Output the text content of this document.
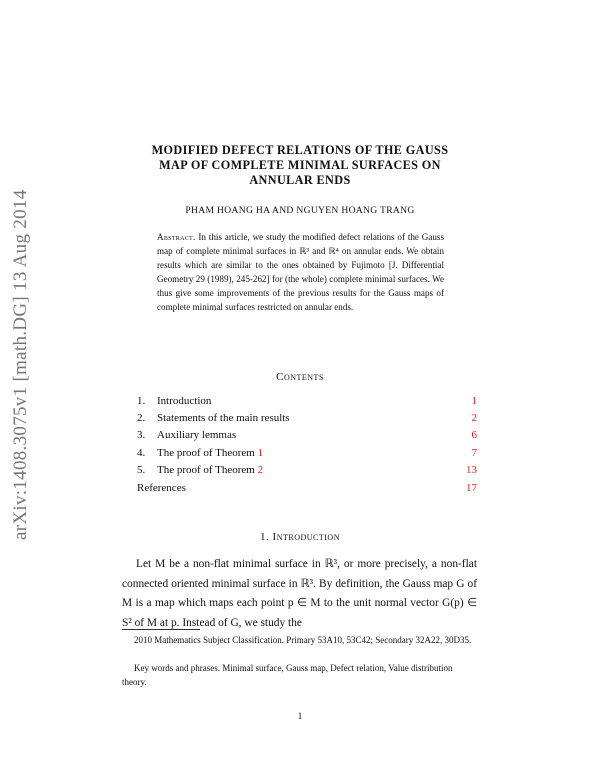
arXiv:1408.3075v1 [math.DG] 13 Aug 2014
MODIFIED DEFECT RELATIONS OF THE GAUSS
MAP OF COMPLETE MINIMAL SURFACES ON
ANNULAR ENDS
PHAM HOANG HA AND NGUYEN HOANG TRANG
Abstract. In this article, we study the modified defect relations of the Gauss map of complete minimal surfaces in ℝ³ and ℝ⁴ on annular ends. We obtain results which are similar to the ones obtained by Fujimoto [J. Differential Geometry 29 (1989), 245-262] for (the whole) complete minimal surfaces. We thus give some improvements of the previous results for the Gauss maps of complete minimal surfaces restricted on annular ends.
Contents
1.	Introduction	1
2.	Statements of the main results	2
3.	Auxiliary lemmas	6
4.	The proof of Theorem 1	7
5.	The proof of Theorem 2	13
References	17
1. Introduction

Let M be a non-flat minimal surface in ℝ³, or more precisely, a non-flat connected oriented minimal surface in ℝ³. By definition, the Gauss map G of M is a map which maps each point p ∈ M to the unit normal vector G(p) ∈ S² of M at p. Instead of G, we study the

2010 Mathematics Subject Classification. Primary 53A10, 53C42; Secondary 32A22, 30D35.
Key words and phrases. Minimal surface, Gauss map, Defect relation, Value distribution theory.
1
